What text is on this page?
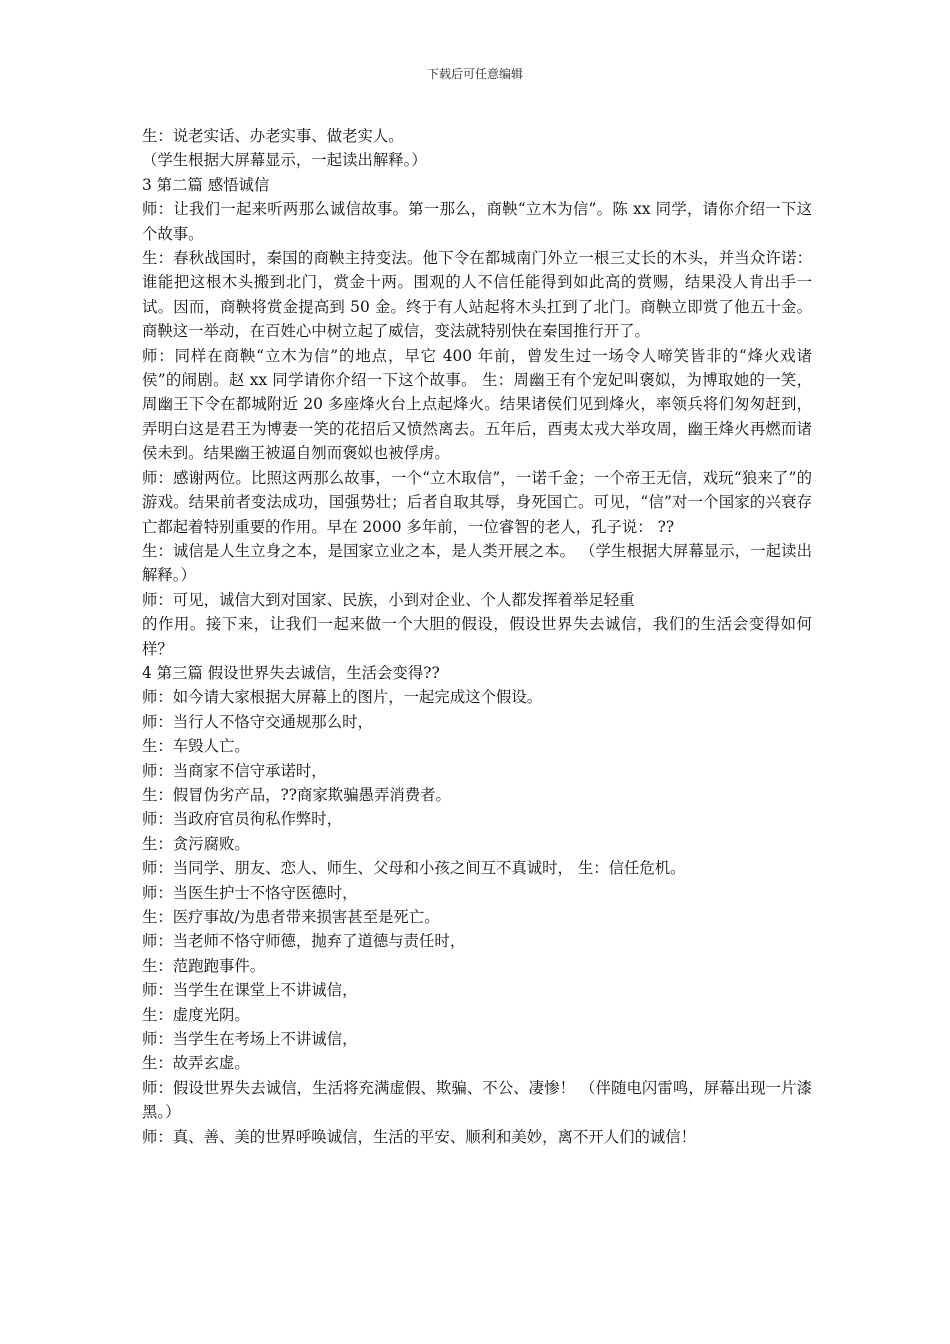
下载后可任意编辑

生：说老实话、办老实事、做老实人。

（学生根据大屏幕显示，一起读出解释。）

3 第二篇 感悟诚信

师：让我们一起来听两那么诚信故事。第一那么，商鞅“立木为信”。陈 xx 同学，请你介绍一下这个故事。

生：春秋战国时，秦国的商鞅主持变法。他下令在都城南门外立一根三丈长的木头，并当众许诺：谁能把这根木头搬到北门，赏金十两。围观的人不信任能得到如此高的赏赐，结果没人肯出手一试。因而，商鞅将赏金提高到 50 金。终于有人站起将木头扛到了北门。商鞅立即赏了他五十金。商鞅这一举动，在百姓心中树立起了威信，变法就特别快在秦国推行开了。

师：同样在商鞅“立木为信”的地点，早它 400 年前，曾发生过一场令人啼笑皆非的“烽火戏诸侯”的闹剧。赵 xx 同学请你介绍一下这个故事。 生：周幽王有个宠妃叫褒姒，为博取她的一笑，周幽王下令在都城附近 20 多座烽火台上点起烽火。结果诸侯们见到烽火，率领兵将们匆匆赶到，弄明白这是君王为博妻一笑的花招后又愤然离去。五年后，酉夷太戎大举攻周，幽王烽火再燃而诸侯未到。结果幽王被逼自刎而褒姒也被俘虏。

师：感谢两位。比照这两那么故事，一个“立木取信”，一诺千金；一个帝王无信，戏玩“狼来了”的游戏。结果前者变法成功，国强势壮；后者自取其辱，身死国亡。可见，“信”对一个国家的兴衰存亡都起着特别重要的作用。早在 2000 多年前，一位睿智的老人，孔子说： ??

生：诚信是人生立身之本，是国家立业之本，是人类开展之本。 （学生根据大屏幕显示，一起读出解释。）

师：可见，诚信大到对国家、民族，小到对企业、个人都发挥着举足轻重

的作用。接下来，让我们一起来做一个大胆的假设，假设世界失去诚信，我们的生活会变得如何样？

4 第三篇 假设世界失去诚信，生活会变得??

师：如今请大家根据大屏幕上的图片，一起完成这个假设。

师：当行人不恪守交通规那么时，

生：车毁人亡。

师：当商家不信守承诺时，

生：假冒伪劣产品，??商家欺骗愚弄消费者。

师：当政府官员徇私作弊时，

生：贪污腐败。

师：当同学、朋友、恋人、师生、父母和小孩之间互不真诚时， 生：信任危机。

师：当医生护士不恪守医德时，

生：医疗事故/为患者带来损害甚至是死亡。

师：当老师不恪守师德，抛弃了道德与责任时，

生：范跑跑事件。

师：当学生在课堂上不讲诚信，

生：虚度光阴。

师：当学生在考场上不讲诚信，

生：故弄玄虚。

师：假设世界失去诚信，生活将充满虚假、欺骗、不公、凄惨！ （伴随电闪雷鸣，屏幕出现一片漆黑。）

师：真、善、美的世界呼唤诚信，生活的平安、顺利和美妙，离不开人们的诚信！
